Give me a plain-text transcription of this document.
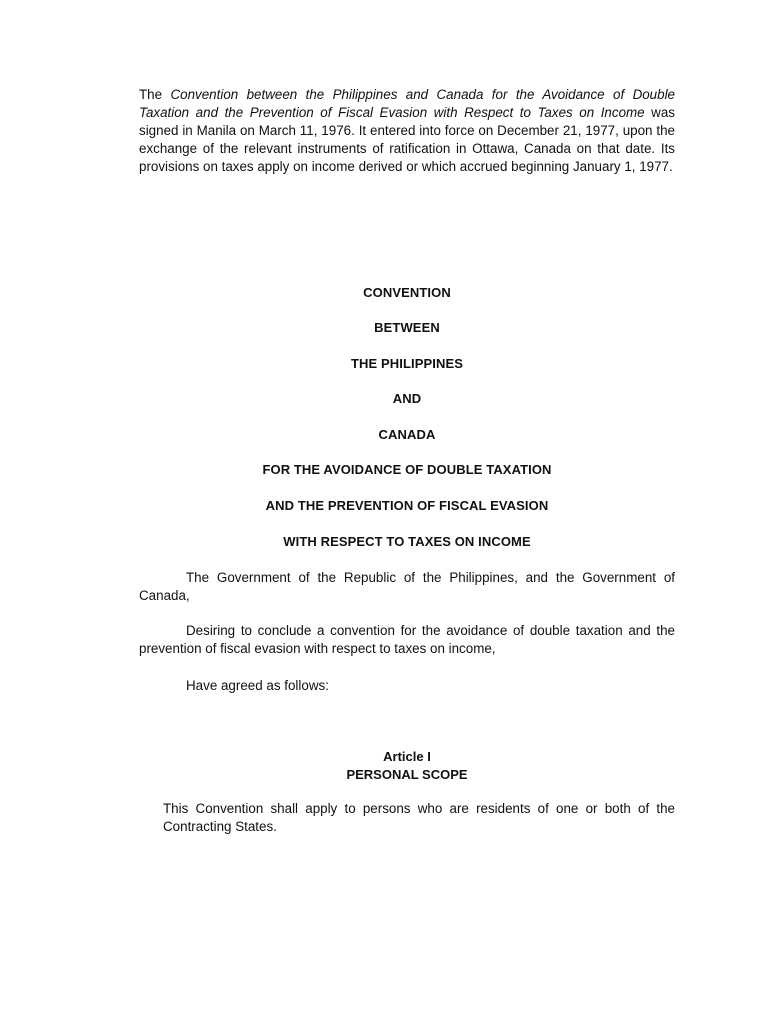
The Convention between the Philippines and Canada for the Avoidance of Double Taxation and the Prevention of Fiscal Evasion with Respect to Taxes on Income was signed in Manila on March 11, 1976. It entered into force on December 21, 1977, upon the exchange of the relevant instruments of ratification in Ottawa, Canada on that date. Its provisions on taxes apply on income derived or which accrued beginning January 1, 1977.

CONVENTION

BETWEEN

THE PHILIPPINES

AND

CANADA

FOR THE AVOIDANCE OF DOUBLE TAXATION

AND THE PREVENTION OF FISCAL EVASION

WITH RESPECT TO TAXES ON INCOME

The Government of the Republic of the Philippines, and the Government of Canada,

Desiring to conclude a convention for the avoidance of double taxation and the prevention of fiscal evasion with respect to taxes on income,

Have agreed as follows:

Article I

PERSONAL SCOPE

This Convention shall apply to persons who are residents of one or both of the Contracting States.
